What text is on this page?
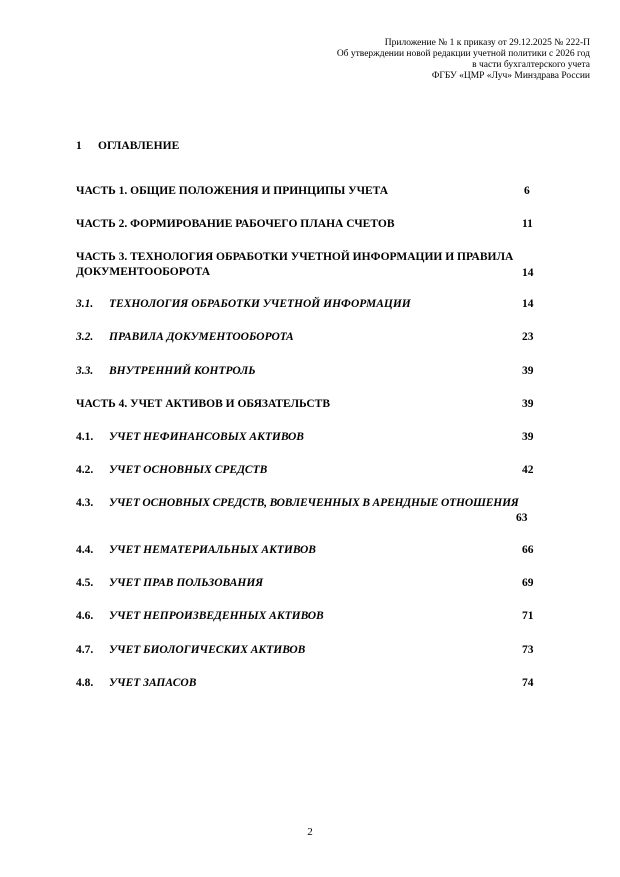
Приложение № 1 к приказу от 29.12.2025 № 222-П
Об утверждении новой редакции учетной политики с 2026 год
в части бухгалтерского учета
ФГБУ «ЦМР «Луч» Минздрава России
1 ОГЛАВЛЕНИЕ
ЧАСТЬ 1. ОБЩИЕ ПОЛОЖЕНИЯ И ПРИНЦИПЫ УЧЕТА	6
ЧАСТЬ 2. ФОРМИРОВАНИЕ РАБОЧЕГО ПЛАНА СЧЕТОВ	11
ЧАСТЬ 3. ТЕХНОЛОГИЯ ОБРАБОТКИ УЧЕТНОЙ ИНФОРМАЦИИ И ПРАВИЛА
ДОКУМЕНТООБОРОТА	14
3.1. ТЕХНОЛОГИЯ ОБРАБОТКИ УЧЕТНОЙ ИНФОРМАЦИИ	14
3.2. ПРАВИЛА ДОКУМЕНТООБОРОТА	23
3.3. ВНУТРЕННИЙ КОНТРОЛЬ	39
ЧАСТЬ 4. УЧЕТ АКТИВОВ И ОБЯЗАТЕЛЬСТВ	39
4.1. УЧЕТ НЕФИНАНСОВЫХ АКТИВОВ	39
4.2. УЧЕТ ОСНОВНЫХ СРЕДСТВ	42
4.3. УЧЕТ ОСНОВНЫХ СРЕДСТВ, ВОВЛЕЧЕННЫХ В АРЕНДНЫЕ ОТНОШЕНИЯ
63
4.4. УЧЕТ НЕМАТЕРИАЛЬНЫХ АКТИВОВ	66
4.5. УЧЕТ ПРАВ ПОЛЬЗОВАНИЯ	69
4.6. УЧЕТ НЕПРОИЗВЕДЕННЫХ АКТИВОВ	71
4.7. УЧЕТ БИОЛОГИЧЕСКИХ АКТИВОВ	73
4.8. УЧЕТ ЗАПАСОВ	74
2
